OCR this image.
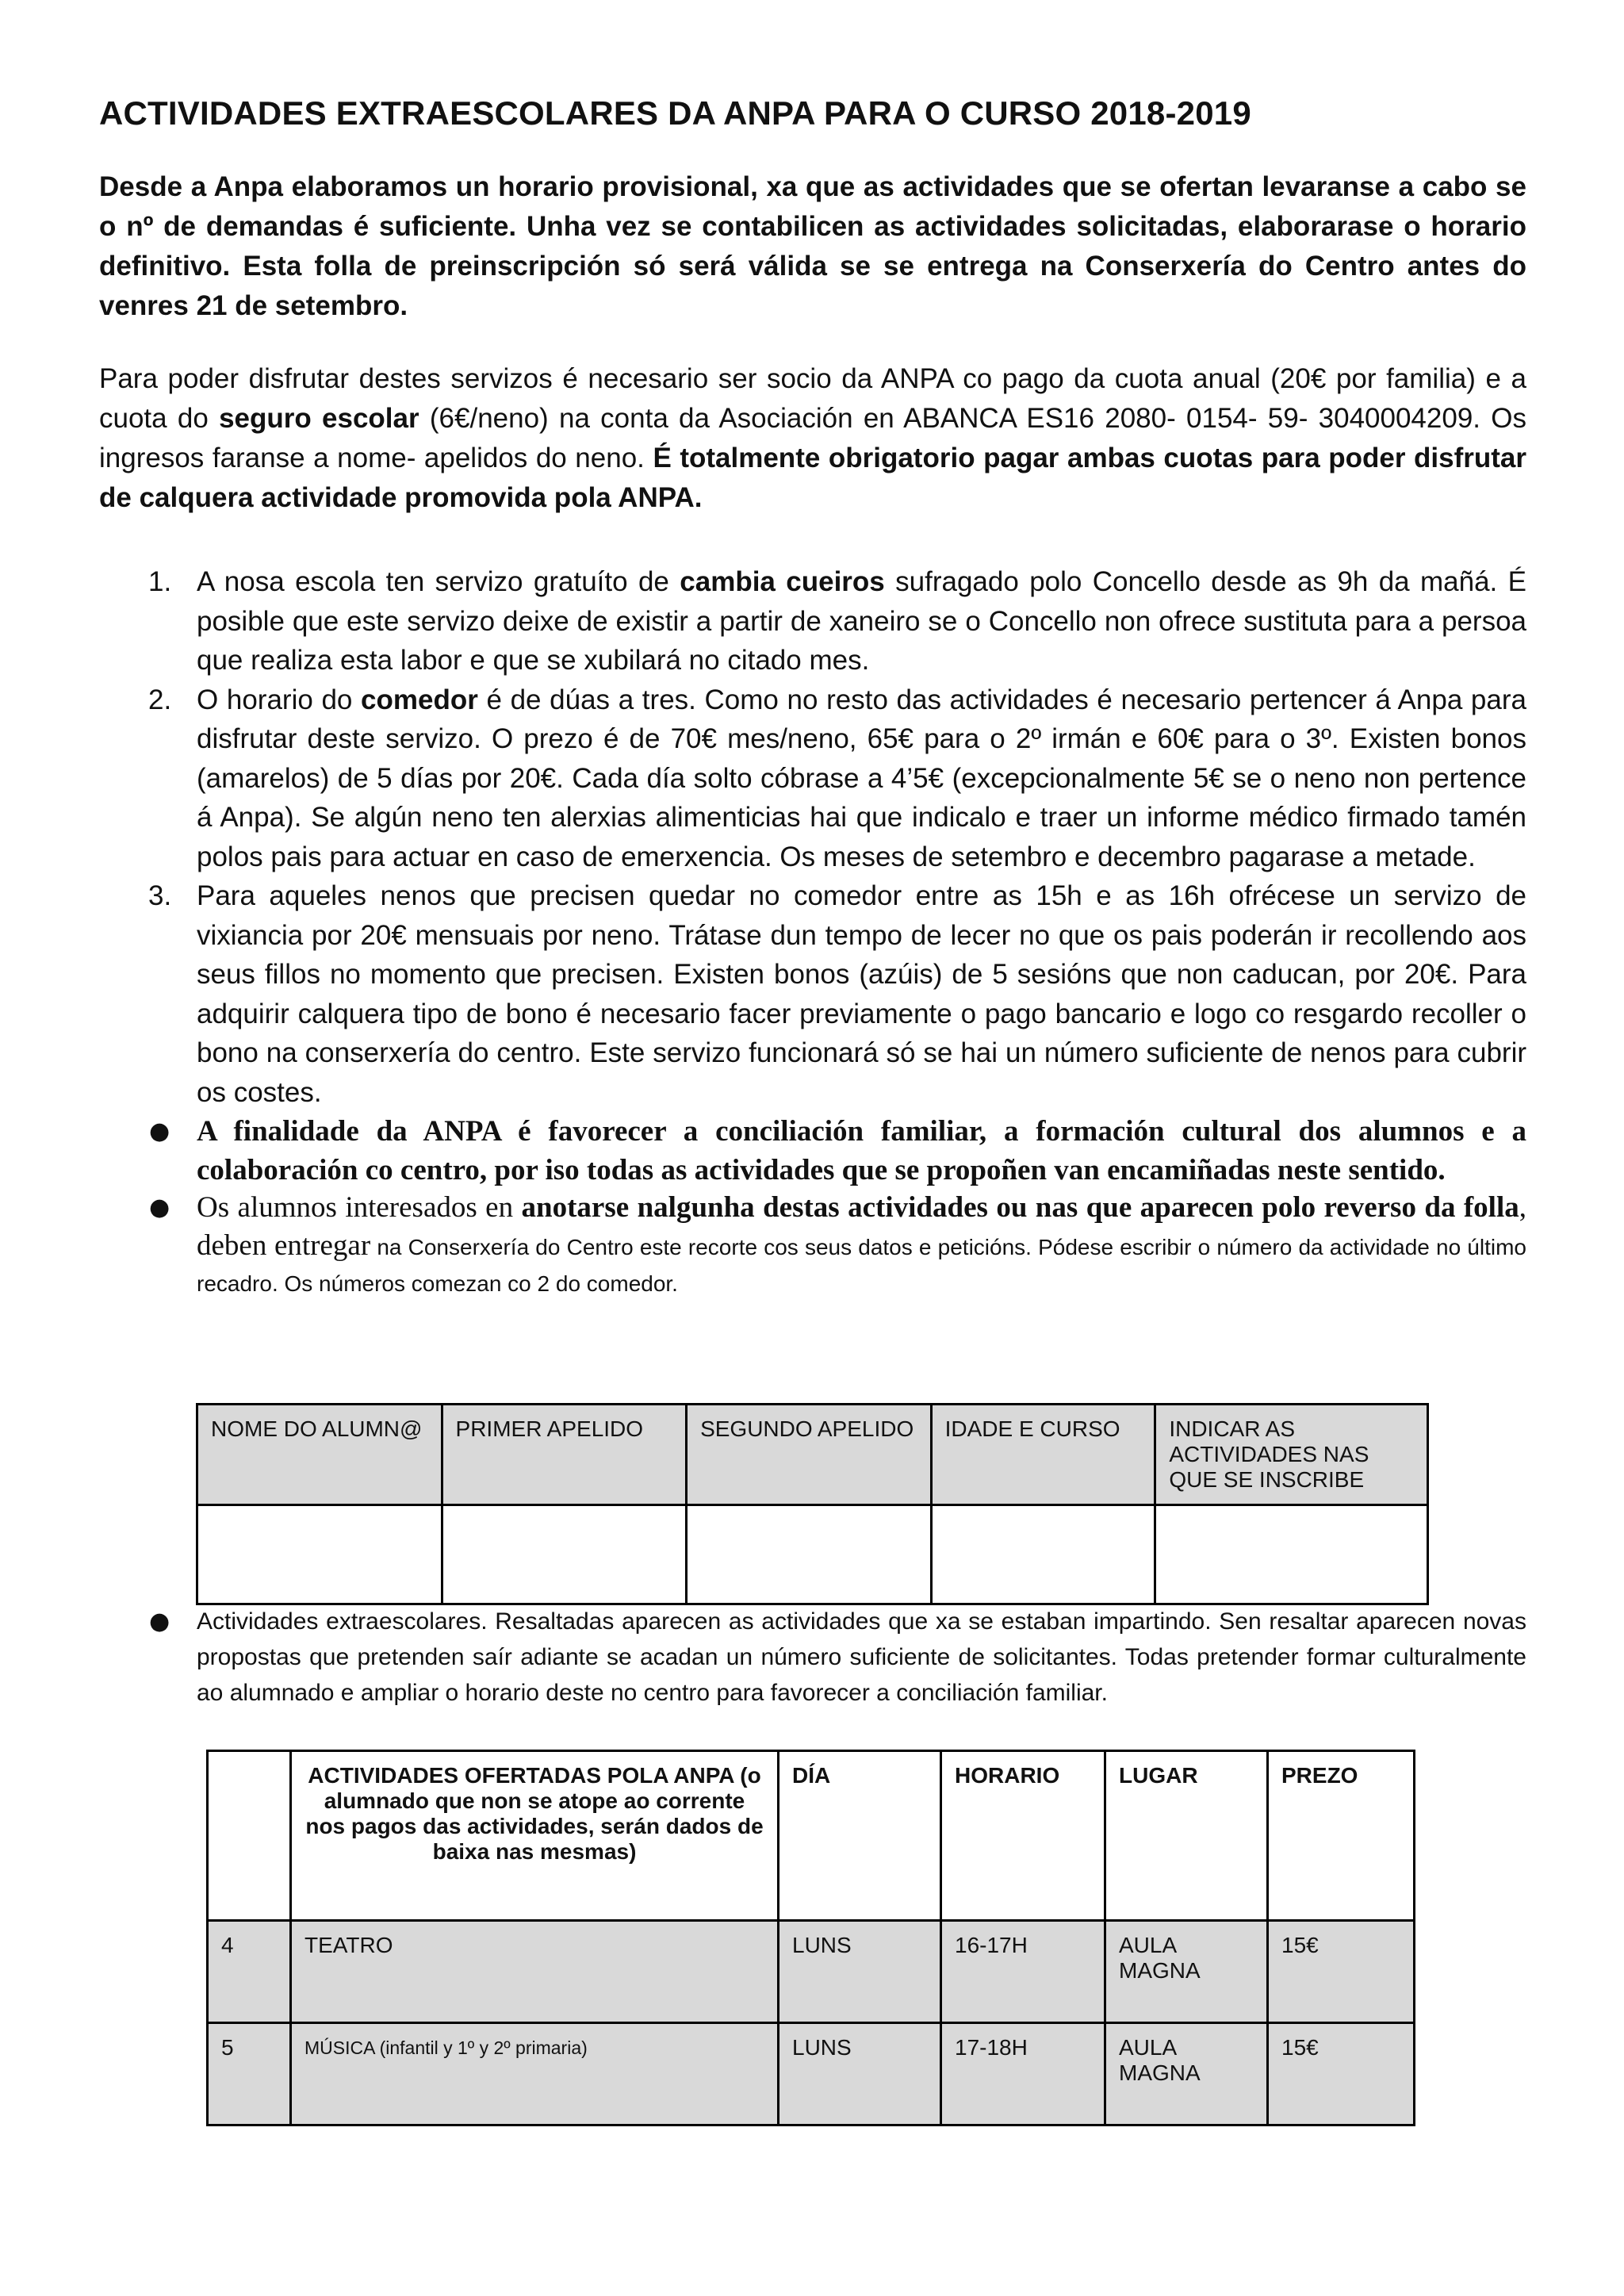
ACTIVIDADES EXTRAESCOLARES DA ANPA PARA O CURSO 2018-2019

Desde a Anpa elaboramos un horario provisional, xa que as actividades que se ofertan levaranse a cabo se o nº de demandas é suficiente. Unha vez se contabilicen as actividades solicitadas, elaborarase o horario definitivo. Esta folla de preinscripción só será válida se se entrega na Conserxería do Centro antes do venres 21 de setembro.

Para poder disfrutar destes servizos é necesario ser socio da ANPA co pago da cuota anual (20€ por familia) e a cuota do seguro escolar (6€/neno) na conta da Asociación en ABANCA ES16 2080- 0154- 59- 3040004209. Os ingresos faranse a nome- apelidos do neno. É totalmente obrigatorio pagar ambas cuotas para poder disfrutar de calquera actividade promovida pola ANPA.

1. A nosa escola ten servizo gratuíto de cambia cueiros sufragado polo Concello desde as 9h da mañá. É posible que este servizo deixe de existir a partir de xaneiro se o Concello non ofrece sustituta para a persoa que realiza esta labor e que se xubilará no citado mes.
2. O horario do comedor é de dúas a tres. Como no resto das actividades é necesario pertencer á Anpa para disfrutar deste servizo. O prezo é de 70€ mes/neno, 65€ para o 2º irmán e 60€ para o 3º. Existen bonos (amarelos) de 5 días por 20€. Cada día solto cóbrase a 4’5€ (excepcionalmente 5€ se o neno non pertence á Anpa). Se algún neno ten alerxias alimenticias hai que indicalo e traer un informe médico firmado tamén polos pais para actuar en caso de emerxencia. Os meses de setembro e decembro pagarase a metade.
3. Para aqueles nenos que precisen quedar no comedor entre as 15h e as 16h ofrécese un servizo de vixiancia por 20€ mensuais por neno. Trátase dun tempo de lecer no que os pais poderán ir recollendo aos seus fillos no momento que precisen. Existen bonos (azúis) de 5 sesións que non caducan, por 20€. Para adquirir calquera tipo de bono é necesario facer previamente o pago bancario e logo co resgardo recoller o bono na conserxería do centro. Este servizo funcionará só se hai un número suficiente de nenos para cubrir os costes.
● A finalidade da ANPA é favorecer a conciliación familiar, a formación cultural dos alumnos e a colaboración co centro, por iso todas as actividades que se propoñen van encamiñadas neste sentido.
● Os alumnos interesados en anotarse nalgunha destas actividades ou nas que aparecen polo reverso da folla, deben entregar na Conserxería do Centro este recorte cos seus datos e peticións. Pódese escribir o número da actividade no último recadro. Os números comezan co 2 do comedor.
NOME DO ALUMN@	PRIMER APELIDO	SEGUNDO APELIDO	IDADE E CURSO	INDICAR AS ACTIVIDADES NAS QUE SE INSCRIBE

● Actividades extraescolares. Resaltadas aparecen as actividades que xa se estaban impartindo. Sen resaltar aparecen novas propostas que pretenden saír adiante se acadan un número suficiente de solicitantes. Todas pretender formar culturalmente ao alumnado e ampliar o horario deste no centro para favorecer a conciliación familiar.
	ACTIVIDADES OFERTADAS POLA ANPA (o alumnado que non se atope ao corrente nos pagos das actividades, serán dados de baixa nas mesmas)	DÍA	HORARIO	LUGAR	PREZO
4	TEATRO	LUNS	16-17H	AULA MAGNA	15€
5	MÚSICA (infantil y 1º y 2º primaria)	LUNS	17-18H	AULA MAGNA	15€
